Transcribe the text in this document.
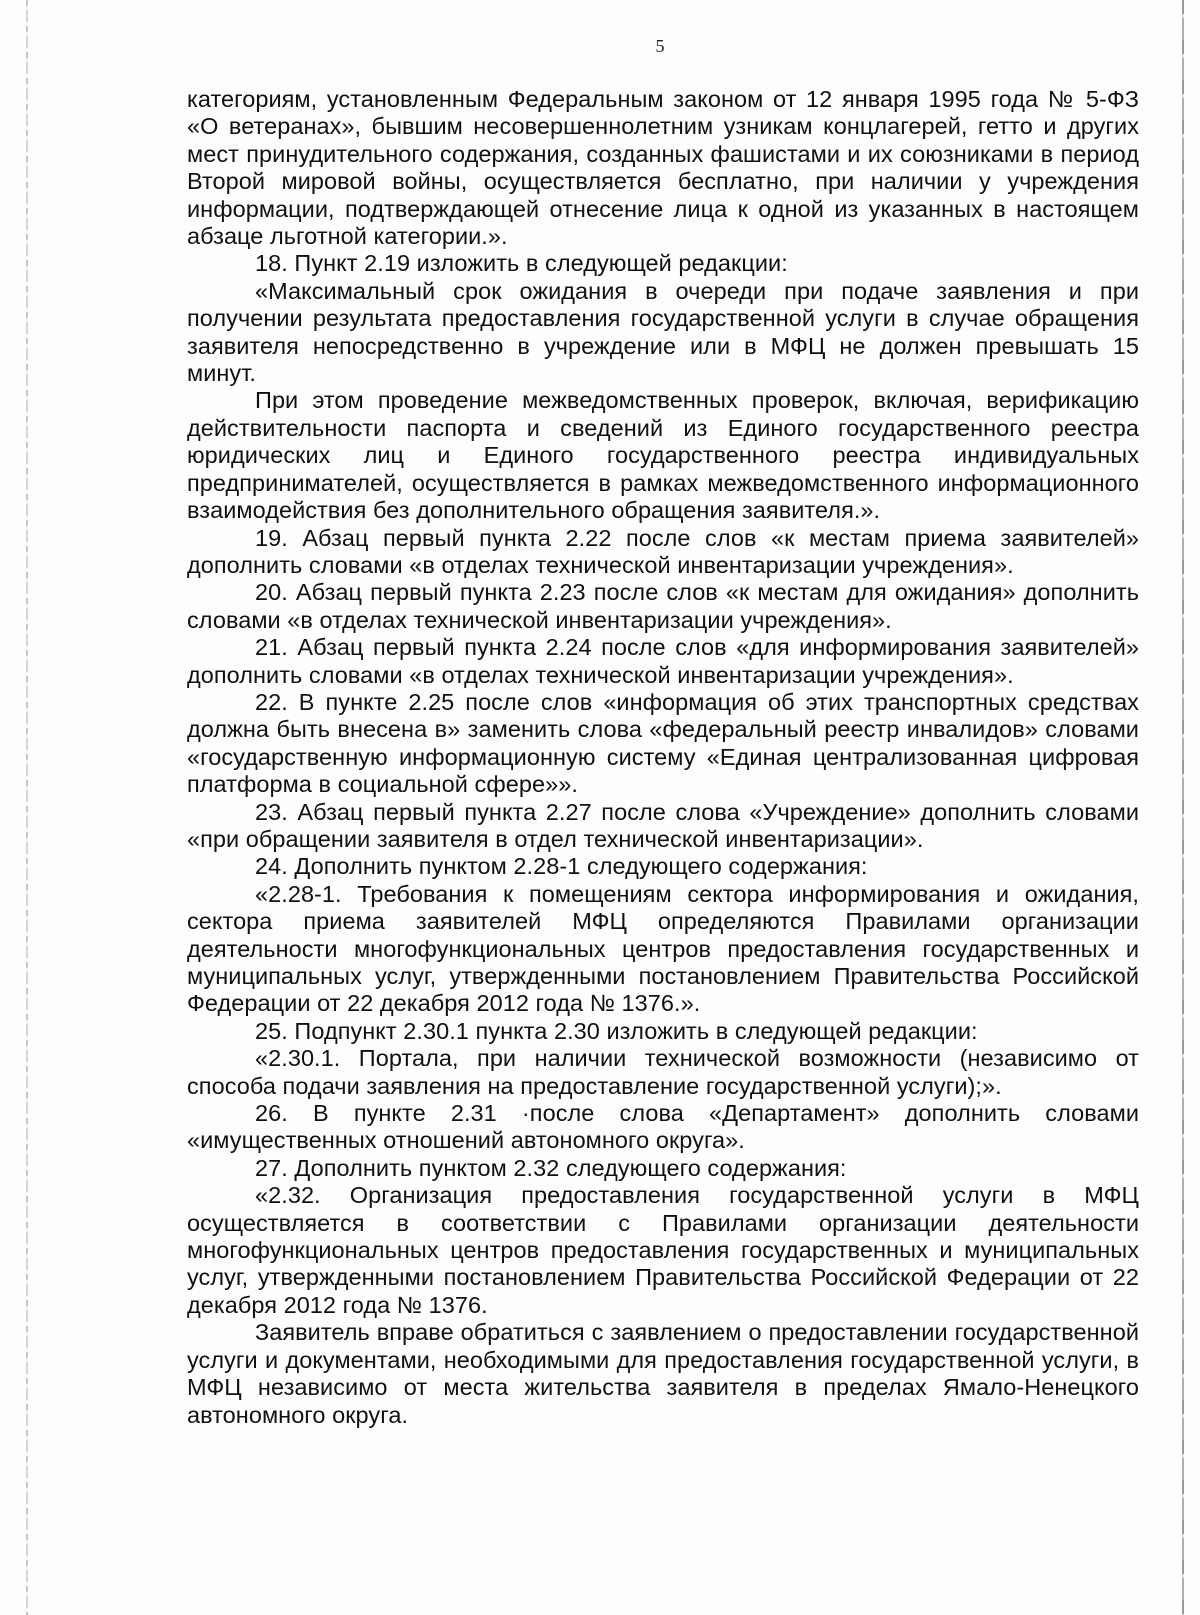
5

категориям, установленным Федеральным законом от 12 января 1995 года № 5-ФЗ «О ветеранах», бывшим несовершеннолетним узникам концлагерей, гетто и других мест принудительного содержания, созданных фашистами и их союзниками в период Второй мировой войны, осуществляется бесплатно, при наличии у учреждения информации, подтверждающей отнесение лица к одной из указанных в настоящем абзаце льготной категории.».

18. Пункт 2.19 изложить в следующей редакции:

«Максимальный срок ожидания в очереди при подаче заявления и при получении результата предоставления государственной услуги в случае обращения заявителя непосредственно в учреждение или в МФЦ не должен превышать 15 минут.

При этом проведение межведомственных проверок, включая, верификацию действительности паспорта и сведений из Единого государственного реестра юридических лиц и Единого государственного реестра индивидуальных предпринимателей, осуществляется в рамках межведомственного информационного взаимодействия без дополнительного обращения заявителя.».

19. Абзац первый пункта 2.22 после слов «к местам приема заявителей» дополнить словами «в отделах технической инвентаризации учреждения».

20. Абзац первый пункта 2.23 после слов «к местам для ожидания» дополнить словами «в отделах технической инвентаризации учреждения».

21. Абзац первый пункта 2.24 после слов «для информирования заявителей» дополнить словами «в отделах технической инвентаризации учреждения».

22. В пункте 2.25 после слов «информация об этих транспортных средствах должна быть внесена в» заменить слова «федеральный реестр инвалидов» словами «государственную информационную систему «Единая централизованная цифровая платформа в социальной сфере»».

23. Абзац первый пункта 2.27 после слова «Учреждение» дополнить словами «при обращении заявителя в отдел технической инвентаризации».

24. Дополнить пунктом 2.28-1 следующего содержания:

«2.28-1. Требования к помещениям сектора информирования и ожидания, сектора приема заявителей МФЦ определяются Правилами организации деятельности многофункциональных центров предоставления государственных и муниципальных услуг, утвержденными постановлением Правительства Российской Федерации от 22 декабря 2012 года № 1376.».

25. Подпункт 2.30.1 пункта 2.30 изложить в следующей редакции:

«2.30.1. Портала, при наличии технической возможности (независимо от способа подачи заявления на предоставление государственной услуги);».

26. В пункте 2.31 ·после слова «Департамент» дополнить словами «имущественных отношений автономного округа».

27. Дополнить пунктом 2.32 следующего содержания:

«2.32. Организация предоставления государственной услуги в МФЦ осуществляется в соответствии с Правилами организации деятельности многофункциональных центров предоставления государственных и муниципальных услуг, утвержденными постановлением Правительства Российской Федерации от 22 декабря 2012 года № 1376.

Заявитель вправе обратиться с заявлением о предоставлении государственной услуги и документами, необходимыми для предоставления государственной услуги, в МФЦ независимо от места жительства заявителя в пределах Ямало-Ненецкого автономного округа.
